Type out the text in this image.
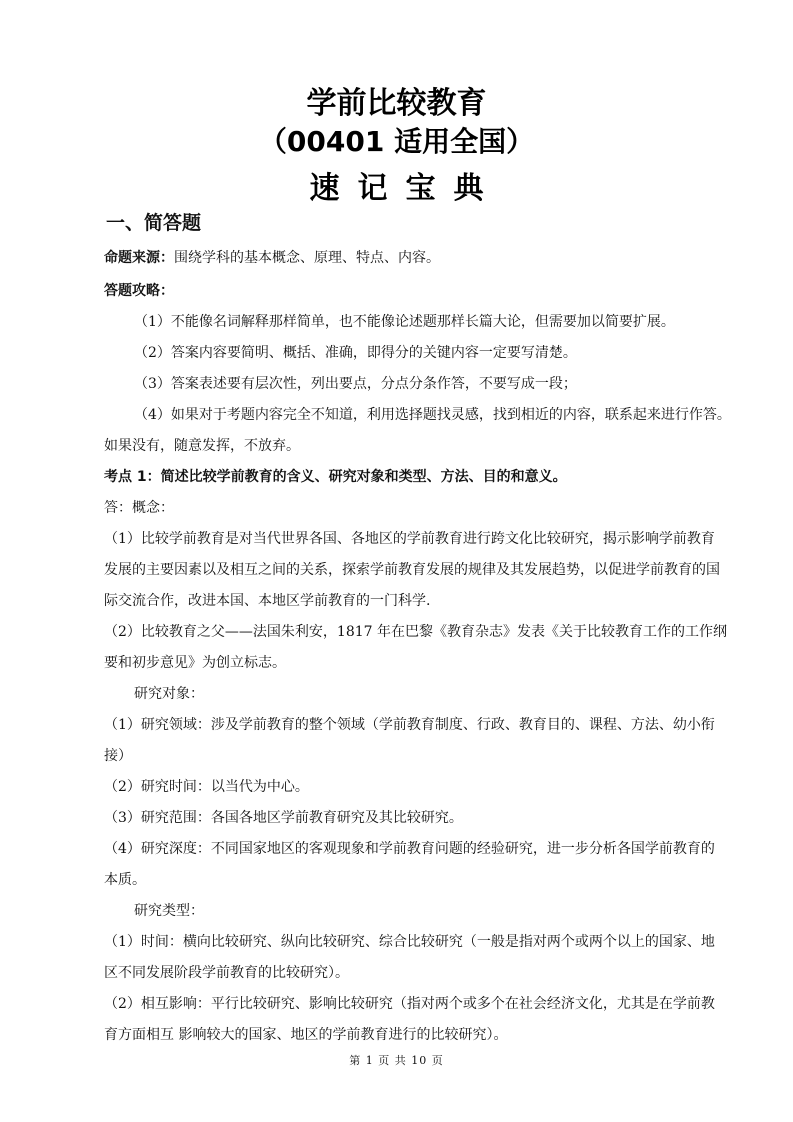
学前比较教育
（00401 适用全国）
速记宝典
一、简答题
命题来源：围绕学科的基本概念、原理、特点、内容。
答题攻略：
（1）不能像名词解释那样简单，也不能像论述题那样长篇大论，但需要加以简要扩展。
（2）答案内容要简明、概括、准确，即得分的关键内容一定要写清楚。
（3）答案表述要有层次性，列出要点，分点分条作答，不要写成一段；
（4）如果对于考题内容完全不知道，利用选择题找灵感，找到相近的内容，联系起来进行作答。
如果没有，随意发挥，不放弃。
考点 1：简述比较学前教育的含义、研究对象和类型、方法、目的和意义。
答：概念：
（1）比较学前教育是对当代世界各国、各地区的学前教育进行跨文化比较研究，揭示影响学前教育
发展的主要因素以及相互之间的关系，探索学前教育发展的规律及其发展趋势，以促进学前教育的国
际交流合作，改进本国、本地区学前教育的一门科学.
（2）比较教育之父——法国朱利安，1817 年在巴黎《教育杂志》发表《关于比较教育工作的工作纲
要和初步意见》为创立标志。
研究对象：
（1）研究领域：涉及学前教育的整个领域（学前教育制度、行政、教育目的、课程、方法、幼小衔
接）
（2）研究时间：以当代为中心。
（3）研究范围：各国各地区学前教育研究及其比较研究。
（4）研究深度：不同国家地区的客观现象和学前教育问题的经验研究，进一步分析各国学前教育的
本质。
研究类型：
（1）时间：横向比较研究、纵向比较研究、综合比较研究（一般是指对两个或两个以上的国家、地
区不同发展阶段学前教育的比较研究）。
（2）相互影响：平行比较研究、影响比较研究（指对两个或多个在社会经济文化，尤其是在学前教
育方面相互 影响较大的国家、地区的学前教育进行的比较研究）。
第 1 页 共 10 页
